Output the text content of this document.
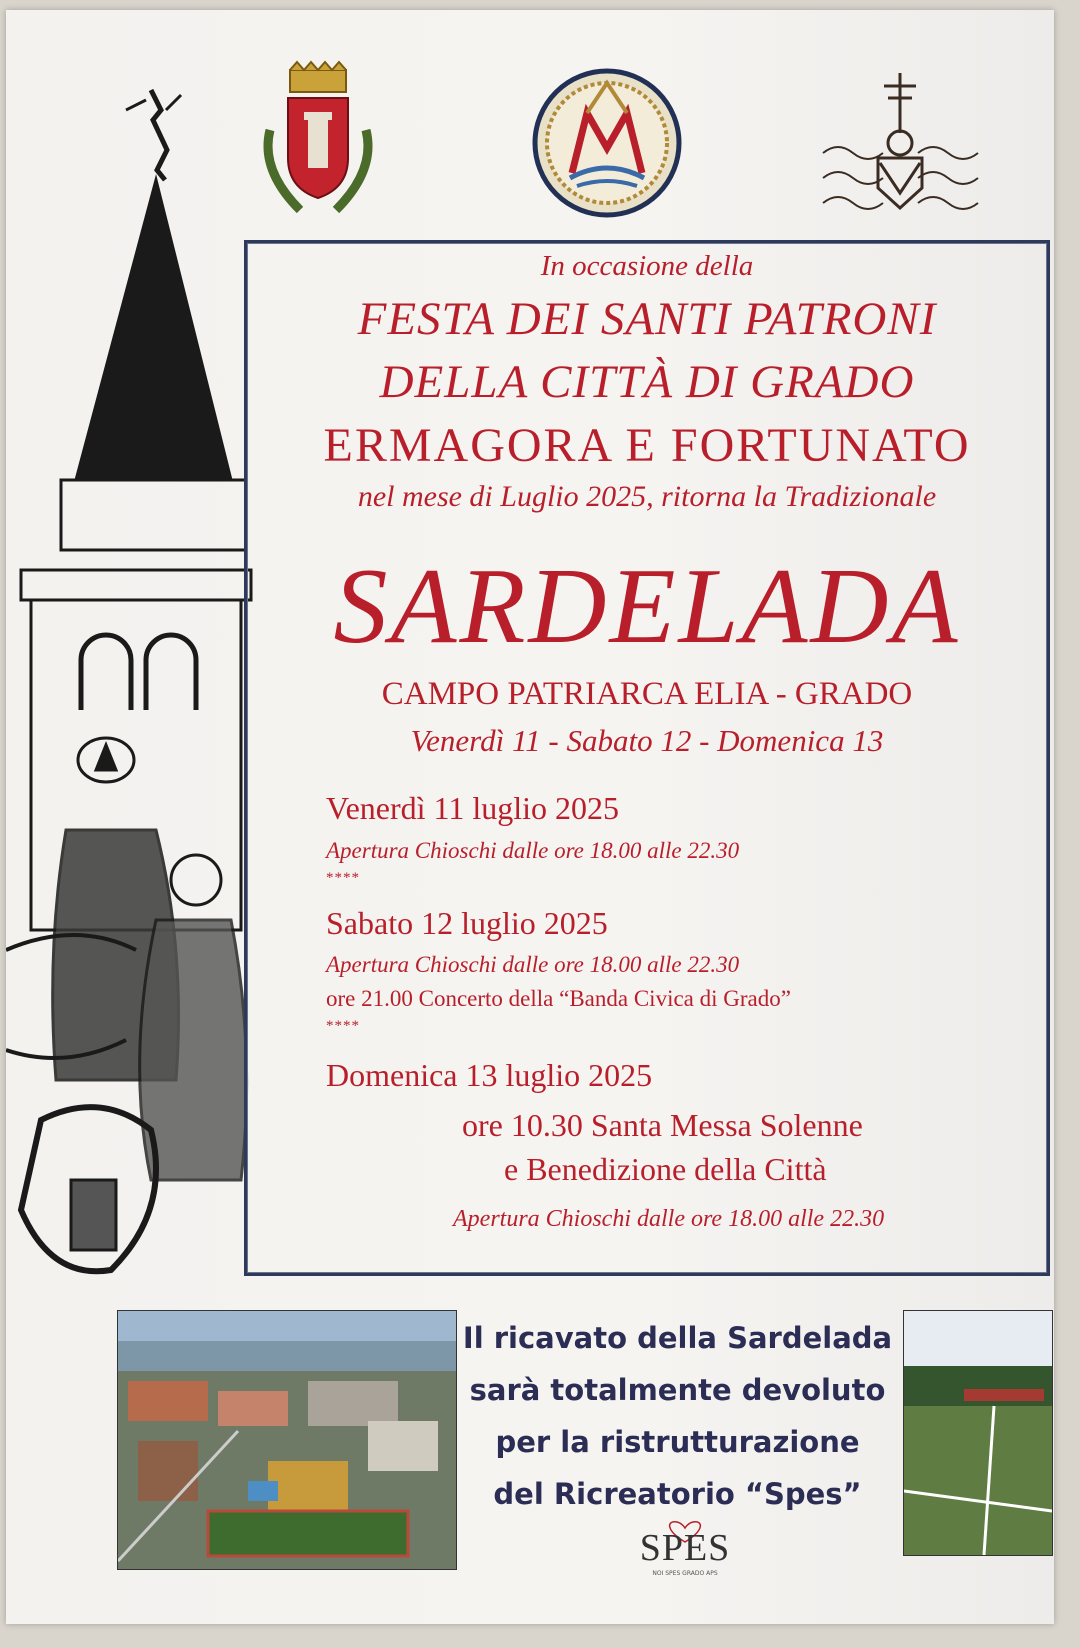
In occasione della

FESTA DEI SANTI PATRONI

DELLA CITTÀ DI GRADO

ERMAGORA E FORTUNATO

nel mese di Luglio 2025, ritorna la Tradizionale

SARDELADA

CAMPO PATRIARCA ELIA - GRADO

Venerdì 11 - Sabato 12 - Domenica 13

Venerdì 11 luglio 2025

Apertura Chioschi dalle ore 18.00 alle 22.30

****

Sabato 12 luglio 2025

Apertura Chioschi dalle ore 18.00 alle 22.30

ore 21.00 Concerto della “Banda Civica di Grado”

****

Domenica 13 luglio 2025

ore 10.30 Santa Messa Solenne

e Benedizione della Città

Apertura Chioschi dalle ore 18.00 alle 22.30

Il ricavato della Sardelada
sarà totalmente devoluto
per la ristrutturazione
del Ricreatorio “Spes”
SPES
NOI SPES GRADO APS
